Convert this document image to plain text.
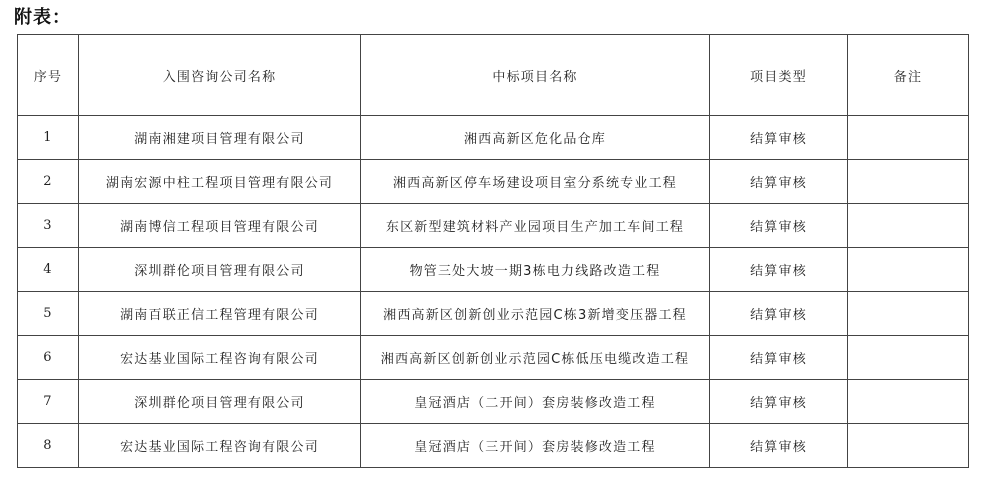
附表：
序号	入围咨询公司名称	中标项目名称	项目类型	备注
1	湖南湘建项目管理有限公司	湘西高新区危化品仓库	结算审核	
2	湖南宏源中柱工程项目管理有限公司	湘西高新区停车场建设项目室分系统专业工程	结算审核	
3	湖南博信工程项目管理有限公司	东区新型建筑材料产业园项目生产加工车间工程	结算审核	
4	深圳群伦项目管理有限公司	物管三处大坡一期3栋电力线路改造工程	结算审核	
5	湖南百联正信工程管理有限公司	湘西高新区创新创业示范园C栋3新增变压器工程	结算审核	
6	宏达基业国际工程咨询有限公司	湘西高新区创新创业示范园C栋低压电缆改造工程	结算审核	
7	深圳群伦项目管理有限公司	皇冠酒店（二开间）套房装修改造工程	结算审核	
8	宏达基业国际工程咨询有限公司	皇冠酒店（三开间）套房装修改造工程	结算审核	
